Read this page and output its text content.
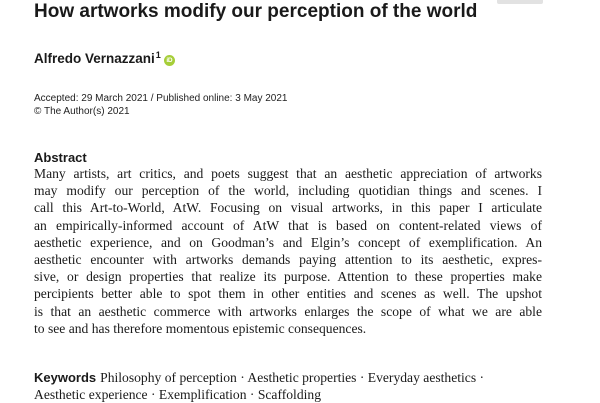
How artworks modify our perception of the world
Alfredo Vernazzani$^1$iD
Accepted: 29 March 2021 / Published online: 3 May 2021
© The Author(s) 2021
Abstract

Many artists, art critics, and poets suggest that an aesthetic appreciation of artworks
may modify our perception of the world, including quotidian things and scenes. I
call this Art-to-World, AtW. Focusing on visual artworks, in this paper I articulate
an empirically-informed account of AtW that is based on content-related views of
aesthetic experience, and on Goodman’s and Elgin’s concept of exemplification. An
aesthetic encounter with artworks demands paying attention to its aesthetic, expres-
sive, or design properties that realize its purpose. Attention to these properties make
percipients better able to spot them in other entities and scenes as well. The upshot
is that an aesthetic commerce with artworks enlarges the scope of what we are able
to see and has therefore momentous epistemic consequences.

Keywords Philosophy of perception · Aesthetic properties · Everyday aesthetics ·
Aesthetic experience · Exemplification · Scaffolding
